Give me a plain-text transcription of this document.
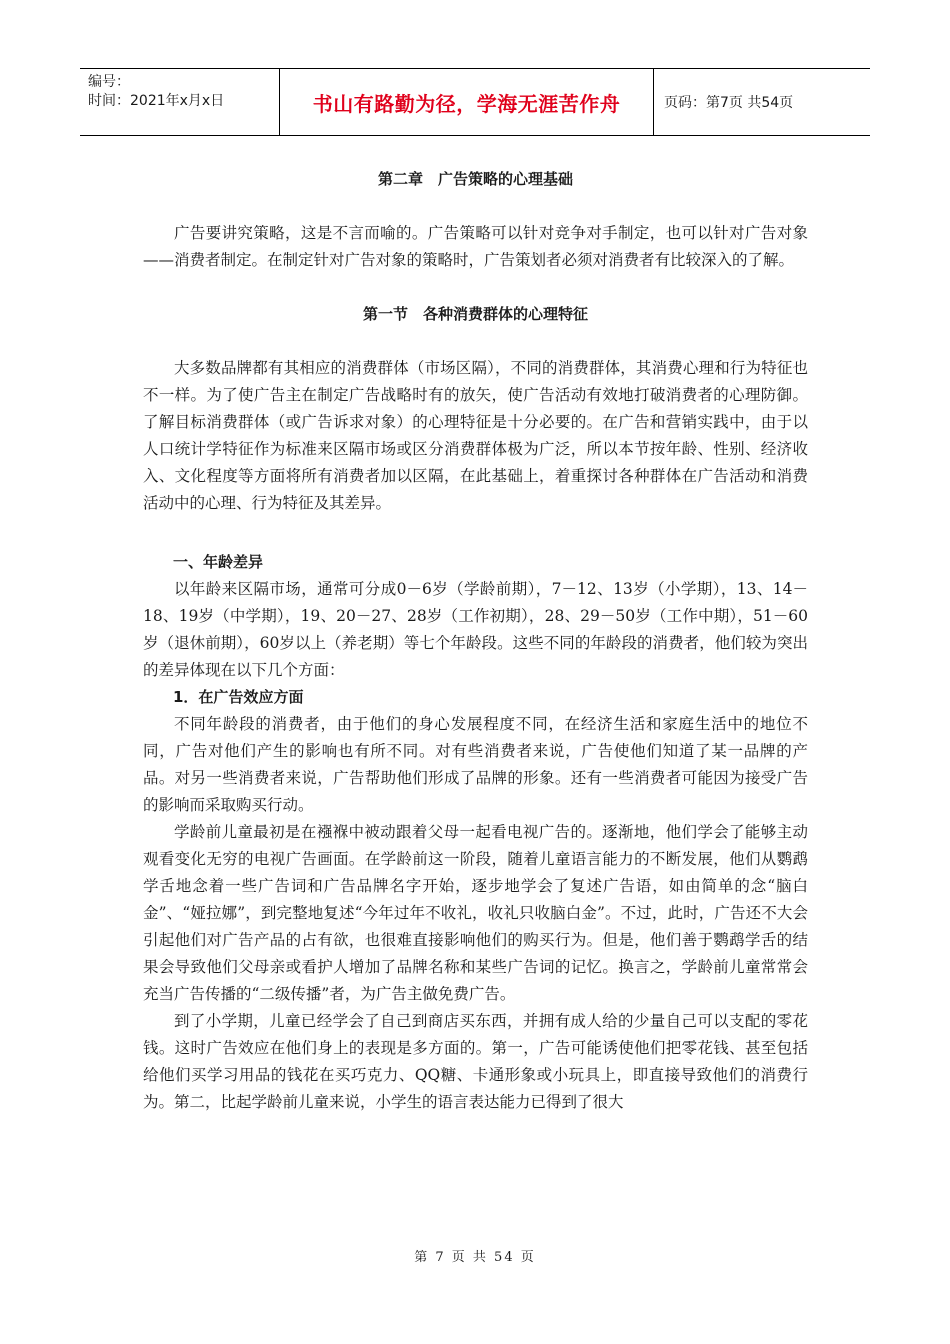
编号：
时间：2021年x月x日	书山有路勤为径，学海无涯苦作舟	页码：第7页 共54页
第二章　广告策略的心理基础

广告要讲究策略，这是不言而喻的。广告策略可以针对竞争对手制定，也可以针对广告对象——消费者制定。在制定针对广告对象的策略时，广告策划者必须对消费者有比较深入的了解。

第一节　各种消费群体的心理特征

大多数品牌都有其相应的消费群体（市场区隔），不同的消费群体，其消费心理和行为特征也不一样。为了使广告主在制定广告战略时有的放矢，使广告活动有效地打破消费者的心理防御。了解目标消费群体（或广告诉求对象）的心理特征是十分必要的。在广告和营销实践中，由于以人口统计学特征作为标准来区隔市场或区分消费群体极为广泛，所以本节按年龄、性别、经济收入、文化程度等方面将所有消费者加以区隔，在此基础上，着重探讨各种群体在广告活动和消费活动中的心理、行为特征及其差异。

一、年龄差异

以年龄来区隔市场，通常可分成0－6岁（学龄前期），7－12、13岁（小学期），13、14－18、19岁（中学期），19、20－27、28岁（工作初期），28、29－50岁（工作中期），51－60岁（退休前期），60岁以上（养老期）等七个年龄段。这些不同的年龄段的消费者，他们较为突出的差异体现在以下几个方面：

1．在广告效应方面

不同年龄段的消费者，由于他们的身心发展程度不同，在经济生活和家庭生活中的地位不同，广告对他们产生的影响也有所不同。对有些消费者来说，广告使他们知道了某一品牌的产品。对另一些消费者来说，广告帮助他们形成了品牌的形象。还有一些消费者可能因为接受广告的影响而采取购买行动。

学龄前儿童最初是在襁褓中被动跟着父母一起看电视广告的。逐渐地，他们学会了能够主动观看变化无穷的电视广告画面。在学龄前这一阶段，随着儿童语言能力的不断发展，他们从鹦鹉学舌地念着一些广告词和广告品牌名字开始，逐步地学会了复述广告语，如由简单的念“脑白金”、“娅拉娜”，到完整地复述“今年过年不收礼，收礼只收脑白金”。不过，此时，广告还不大会引起他们对广告产品的占有欲，也很难直接影响他们的购买行为。但是，他们善于鹦鹉学舌的结果会导致他们父母亲或看护人增加了品牌名称和某些广告词的记忆。换言之，学龄前儿童常常会充当广告传播的“二级传播”者，为广告主做免费广告。

到了小学期，儿童已经学会了自己到商店买东西，并拥有成人给的少量自己可以支配的零花钱。这时广告效应在他们身上的表现是多方面的。第一，广告可能诱使他们把零花钱、甚至包括给他们买学习用品的钱花在买巧克力、QQ糖、卡通形象或小玩具上，即直接导致他们的消费行为。第二，比起学龄前儿童来说，小学生的语言表达能力已得到了很大

第 7 页 共 54 页
